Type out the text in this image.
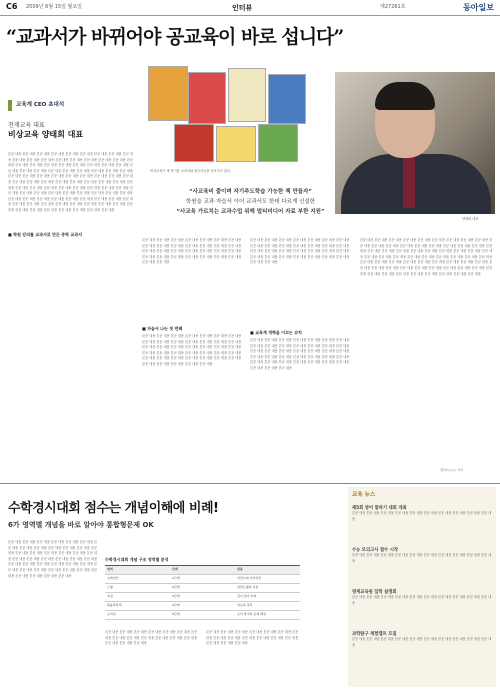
C6 2009년 6월 15일 월요일	인터뷰	제27261호	동아일보
“교과서가 바뀌어야 공교육이 바로 섭니다”
교육계 CEO 초대석
천재교육 대표
비상교육 양태회 대표
본문 내용 본문 내용 본문 내용 본문 내용 본문 내용 본문 내용 본문 내용 본문 내용 본문 내용 본문 내용 본문 내용 본문 내용 본문 내용 본문 내용 본문 내용 본문 내용 본문 내용 본문 내용 본문 내용 본문 내용 본문 내용 본문 내용 본문 내용 본문 내용 본문 내용 본문 내용 본문 내용 본문 내용 본문 내용 본문 내용 본문 내용 본문 내용 본문 내용 본문 내용 본문 내용 본문 내용 본문 내용 본문 내용 본문 내용 본문 내용 본문 내용 본문 내용 본문 내용 본문 내용 본문 내용 본문 내용 본문 내용 본문 내용 본문 내용 본문 내용 본문 내용 본문 내용 본문 내용 본문 내용 본문 내용 본문 내용 본문 내용 본문 내용 본문 내용 본문 내용 본문 내용 본문 내용 본문 내용 본문 내용 본문 내용 본문 내용 본문 내용 본문 내용 본문 내용 본문 내용 본문 내용 본문 내용 본문 내용 본문 내용 본문 내용 본문 내용 본문 내용 본문 내용 본문 내용 본문 내용 본문 내용 본문 내용 본문 내용 본문 내용 본문 내용 본문 내용 본문 내용 본문 내용 본문 내용 본문 내용 본문 내용 본문 내용 본문 내용 본문 내용 본문 내용
비상교육이 새 학기용 교과서와 참고서들을 선보이고 있다.
양태회 대표
“사교육비 줄이며 자기주도학습 가능한 책 만들자”
학원을 교과·자습서 이어 교과서도 한데 다르게 신설한
“사교육 가르치는 교과수업 위해 멀티미디어 자료 부한 지원”
■ 학원 강의를 교과서로 만든 중학 교과서
■ 자습서 나는 첫 번째
■ 교육계 개혁을 이끄는 코치
본문 내용 본문 내용 본문 내용 본문 내용 본문 내용 본문 내용 본문 내용 본문 내용 본문 내용 본문 내용 본문 내용 본문 내용 본문 내용 본문 내용 본문 내용 본문 내용 본문 내용 본문 내용 본문 내용 본문 내용 본문 내용 본문 내용 본문 내용 본문 내용 본문 내용 본문 내용 본문 내용 본문 내용 본문 내용 본문 내용
본문 내용 본문 내용 본문 내용 본문 내용 본문 내용 본문 내용 본문 내용 본문 내용 본문 내용 본문 내용 본문 내용 본문 내용 본문 내용 본문 내용 본문 내용 본문 내용 본문 내용 본문 내용 본문 내용 본문 내용 본문 내용 본문 내용 본문 내용 본문 내용 본문 내용 본문 내용 본문 내용 본문 내용 본문 내용 본문 내용 본문 내용 본문 내용 본문 내용 본문 내용 본문 내용 본문 내용 본문 내용 본문 내용 본문 내용 본문 내용
본문 내용 본문 내용 본문 내용 본문 내용 본문 내용 본문 내용 본문 내용 본문 내용 본문 내용 본문 내용 본문 내용 본문 내용 본문 내용 본문 내용 본문 내용 본문 내용 본문 내용 본문 내용 본문 내용 본문 내용 본문 내용 본문 내용 본문 내용 본문 내용 본문 내용 본문 내용 본문 내용 본문 내용 본문 내용 본문 내용
본문 내용 본문 내용 본문 내용 본문 내용 본문 내용 본문 내용 본문 내용 본문 내용 본문 내용 본문 내용 본문 내용 본문 내용 본문 내용 본문 내용 본문 내용 본문 내용 본문 내용 본문 내용 본문 내용 본문 내용 본문 내용 본문 내용 본문 내용 본문 내용 본문 내용 본문 내용 본문 내용 본문 내용 본문 내용 본문 내용 본문 내용 본문 내용 본문 내용 본문 내용 본문 내용 본문 내용 본문 내용 본문 내용
본문 내용 본문 내용 본문 내용 본문 내용 본문 내용 본문 내용 본문 내용 본문 내용 본문 내용 본문 내용 본문 내용 본문 내용 본문 내용 본문 내용 본문 내용 본문 내용 본문 내용 본문 내용 본문 내용 본문 내용 본문 내용 본문 내용 본문 내용 본문 내용 본문 내용 본문 내용 본문 내용 본문 내용 본문 내용 본문 내용 본문 내용 본문 내용 본문 내용 본문 내용 본문 내용 본문 내용 본문 내용 본문 내용 본문 내용 본문 내용 본문 내용 본문 내용 본문 내용 본문 내용 본문 내용 본문 내용 본문 내용 본문 내용 본문 내용 본문 내용 본문 내용 본문 내용 본문 내용 본문 내용 본문 내용 본문 내용 본문 내용 본문 내용 본문 내용 본문 내용 본문 내용 본문 내용 본문 내용 본문 내용
정리=○○○ 기자
수학경시대회 점수는 개념이해에 비례!
6가 영역별 개념을 바로 알아야 통합형문제 OK
본문 내용 본문 내용 본문 내용 본문 내용 본문 내용 본문 내용 본문 내용 본문 내용 본문 내용 본문 내용 본문 내용 본문 내용 본문 내용 본문 내용 본문 내용 본문 내용 본문 내용 본문 내용 본문 내용 본문 내용 본문 내용 본문 내용 본문 내용 본문 내용 본문 내용 본문 내용 본문 내용 본문 내용 본문 내용 본문 내용 본문 내용 본문 내용 본문 내용 본문 내용 본문 내용 본문 내용 본문 내용 본문 내용 본문 내용 본문 내용 본문 내용 본문 내용
수학경시대회 개념 구조 영역별 분석
영역	단계	내용
수와연산	1단계	자연수의 사칙연산
도형	2단계	평면도형의 성질
측정	3단계	길이·넓이·부피
확률과통계	4단계	자료의 정리
규칙성	5단계	규칙 찾기와 문제 해결
본문 내용 본문 내용 본문 내용 본문 내용 본문 내용 본문 내용 본문 내용 본문 내용 본문 내용 본문 내용 본문 내용 본문 내용 본문 내용 본문 내용 본문 내용 본문 내용
본문 내용 본문 내용 본문 내용 본문 내용 본문 내용 본문 내용 본문 내용 본문 내용 본문 내용 본문 내용 본문 내용 본문 내용 본문 내용 본문 내용 본문 내용 본문 내용
교육 뉴스
제5회 영어 말하기 대회 개최
본문 내용 본문 내용 본문 내용 본문 내용 본문 내용 본문 내용 본문 내용 본문 내용 본문 내용 본문 내용
수능 모의고사 접수 시작
본문 내용 본문 내용 본문 내용 본문 내용 본문 내용 본문 내용 본문 내용 본문 내용 본문 내용 본문 내용
영재교육원 입학 설명회
본문 내용 본문 내용 본문 내용 본문 내용 본문 내용 본문 내용 본문 내용 본문 내용 본문 내용 본문 내용
과학탐구 체험캠프 모집
본문 내용 본문 내용 본문 내용 본문 내용 본문 내용 본문 내용 본문 내용 본문 내용 본문 내용 본문 내용
